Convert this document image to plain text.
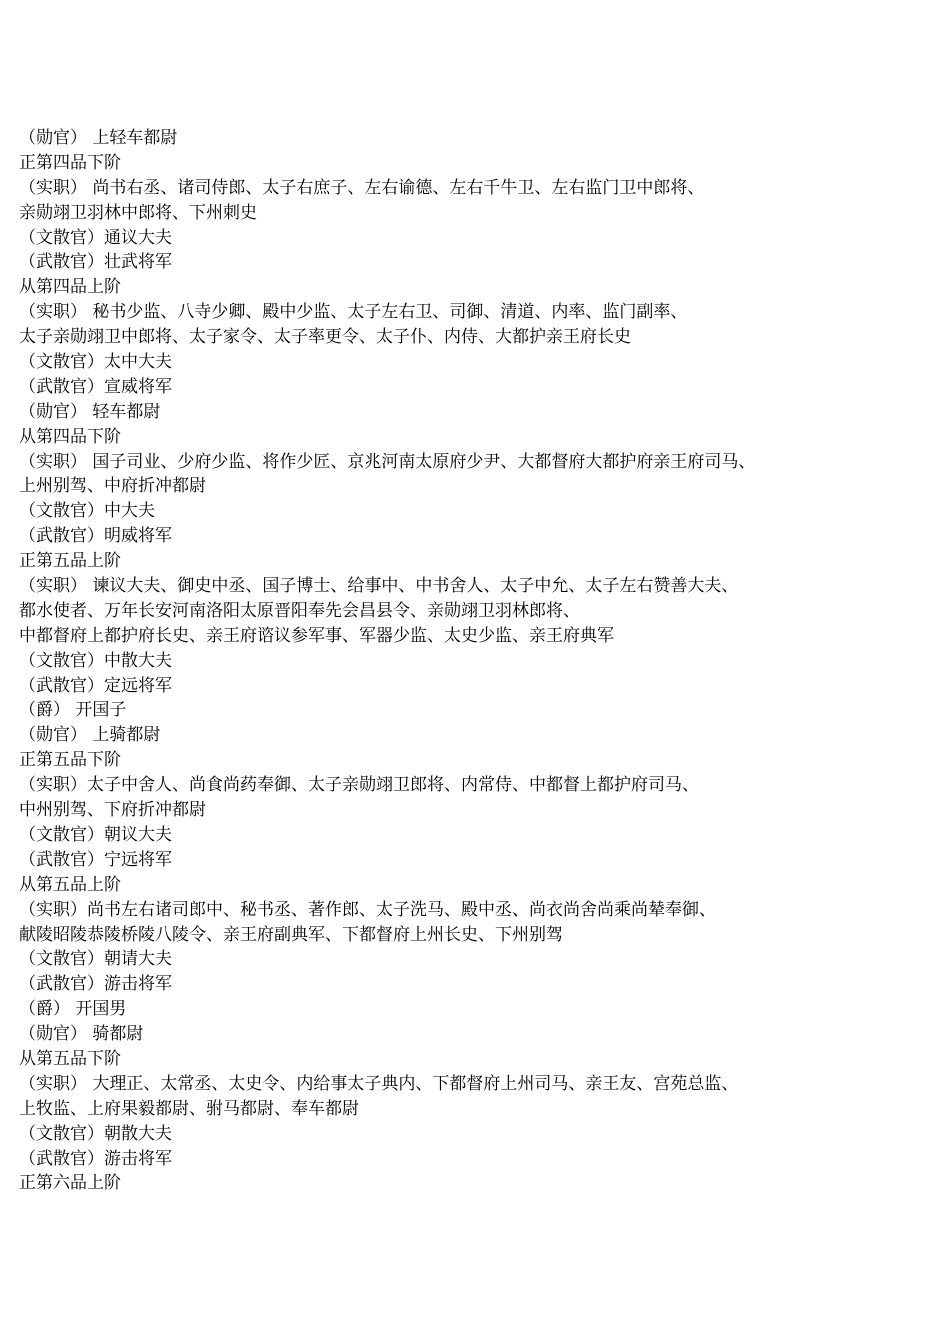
（勋官） 上轻车都尉
正第四品下阶
（实职） 尚书右丞、诸司侍郎、太子右庶子、左右谕德、左右千牛卫、左右监门卫中郎将、
亲勋翊卫羽林中郎将、下州刺史
（文散官）通议大夫
（武散官）壮武将军
从第四品上阶
（实职） 秘书少监、八寺少卿、殿中少监、太子左右卫、司御、清道、内率、监门副率、
太子亲勋翊卫中郎将、太子家令、太子率更令、太子仆、内侍、大都护亲王府长史
（文散官）太中大夫
（武散官）宣威将军
（勋官） 轻车都尉
从第四品下阶
（实职） 国子司业、少府少监、将作少匠、京兆河南太原府少尹、大都督府大都护府亲王府司马、
上州别驾、中府折冲都尉
（文散官）中大夫
（武散官）明威将军
正第五品上阶
（实职） 谏议大夫、御史中丞、国子博士、给事中、中书舍人、太子中允、太子左右赞善大夫、
都水使者、万年长安河南洛阳太原晋阳奉先会昌县令、亲勋翊卫羽林郎将、
中都督府上都护府长史、亲王府谘议参军事、军器少监、太史少监、亲王府典军
（文散官）中散大夫
（武散官）定远将军
（爵） 开国子
（勋官） 上骑都尉
正第五品下阶
（实职）太子中舍人、尚食尚药奉御、太子亲勋翊卫郎将、内常侍、中都督上都护府司马、
中州别驾、下府折冲都尉
（文散官）朝议大夫
（武散官）宁远将军
从第五品上阶
（实职）尚书左右诸司郎中、秘书丞、著作郎、太子洗马、殿中丞、尚衣尚舍尚乘尚辇奉御、
献陵昭陵恭陵桥陵八陵令、亲王府副典军、下都督府上州长史、下州别驾
（文散官）朝请大夫
（武散官）游击将军
（爵） 开国男
（勋官） 骑都尉
从第五品下阶
（实职） 大理正、太常丞、太史令、内给事太子典内、下都督府上州司马、亲王友、宫苑总监、
上牧监、上府果毅都尉、驸马都尉、奉车都尉
（文散官）朝散大夫
（武散官）游击将军
正第六品上阶
